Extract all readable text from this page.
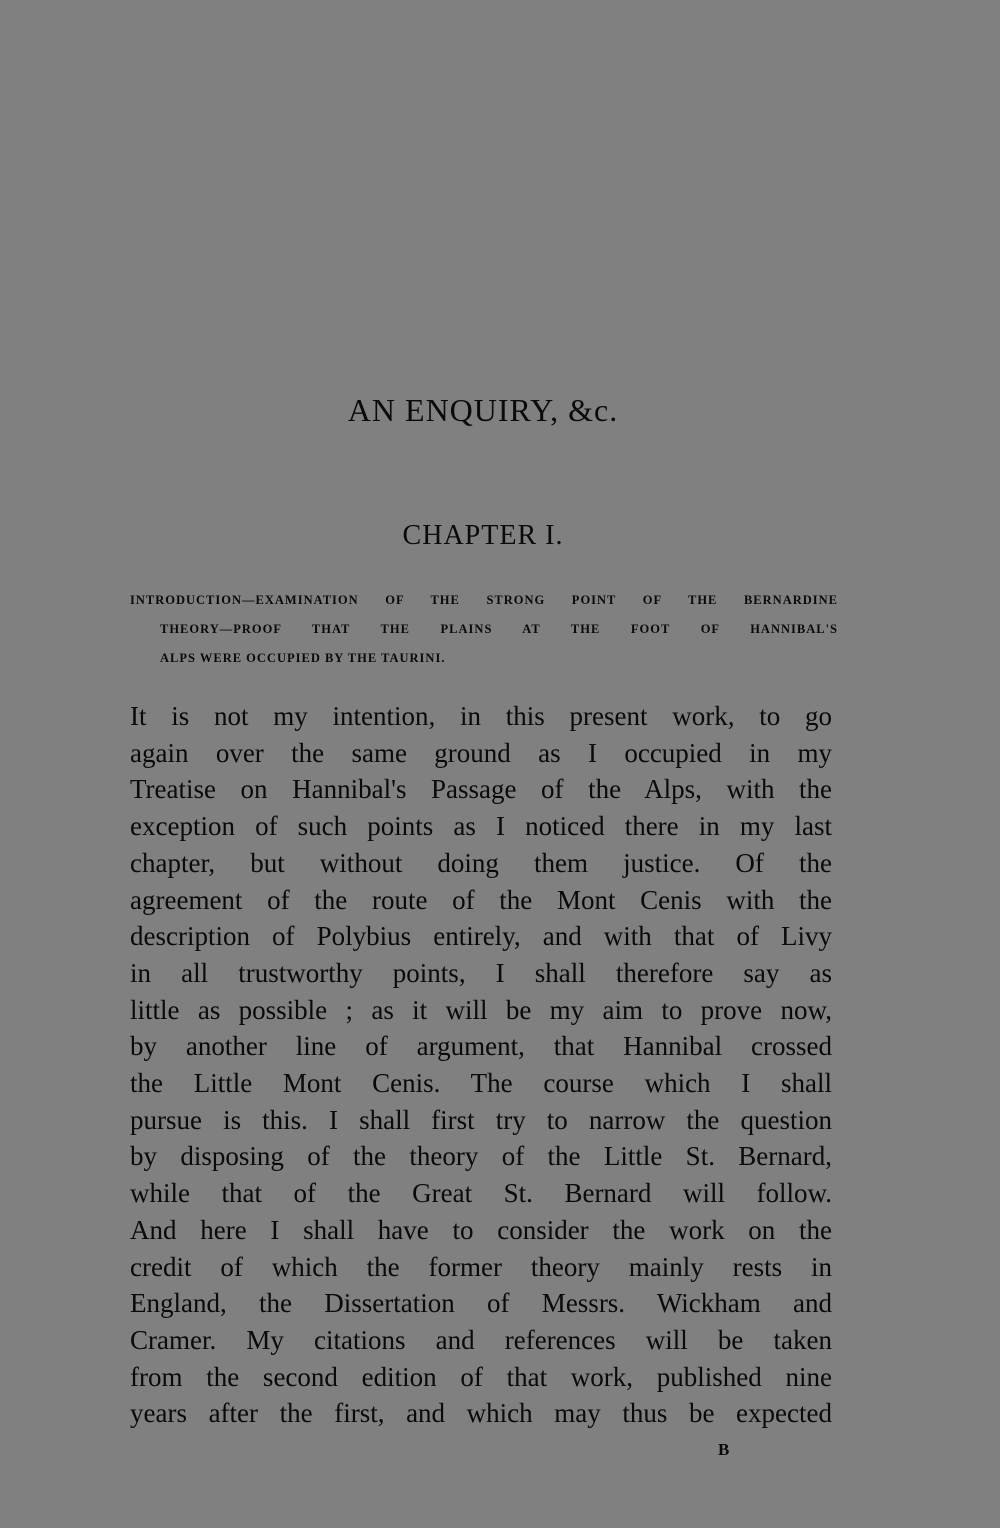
AN ENQUIRY, &c.
CHAPTER I.
INTRODUCTION—EXAMINATION OF THE STRONG POINT OF THE BERNARDINE
THEORY—PROOF THAT THE PLAINS AT THE FOOT OF HANNIBAL'S
ALPS WERE OCCUPIED BY THE TAURINI.
It is not my intention, in this present work, to go
again over the same ground as I occupied in my
Treatise on Hannibal's Passage of the Alps, with the
exception of such points as I noticed there in my last
chapter, but without doing them justice. Of the
agreement of the route of the Mont Cenis with the
description of Polybius entirely, and with that of Livy
in all trustworthy points, I shall therefore say as
little as possible ; as it will be my aim to prove now,
by another line of argument, that Hannibal crossed
the Little Mont Cenis. The course which I shall
pursue is this. I shall first try to narrow the question
by disposing of the theory of the Little St. Bernard,
while that of the Great St. Bernard will follow.
And here I shall have to consider the work on the
credit of which the former theory mainly rests in
England, the Dissertation of Messrs. Wickham and
Cramer. My citations and references will be taken
from the second edition of that work, published nine
years after the first, and which may thus be expected
B
